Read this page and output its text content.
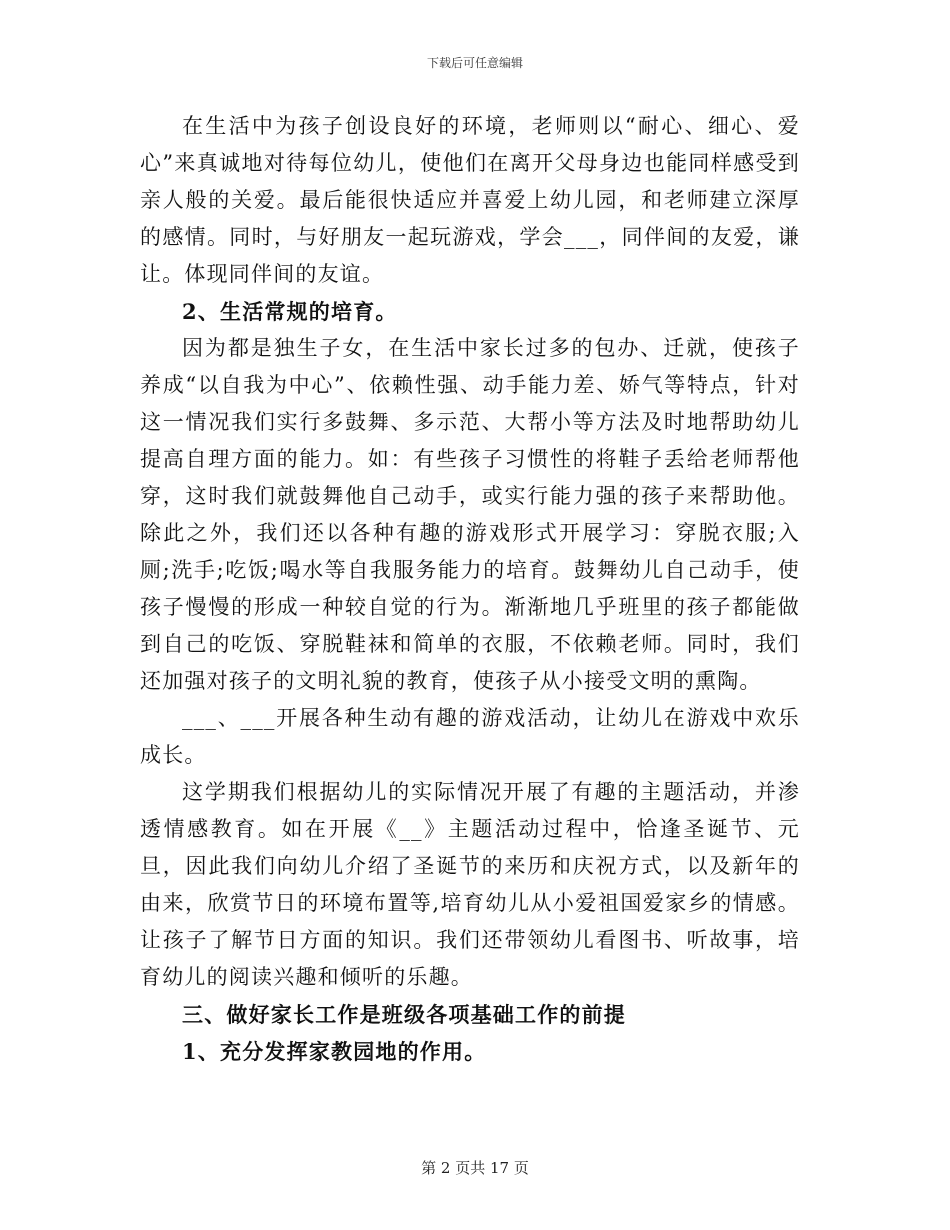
下载后可任意编辑

在生活中为孩子创设良好的环境，老师则以“耐心、细心、爱心”来真诚地对待每位幼儿，使他们在离开父母身边也能同样感受到亲人般的关爱。最后能很快适应并喜爱上幼儿园，和老师建立深厚的感情。同时，与好朋友一起玩游戏，学会___，同伴间的友爱，谦让。体现同伴间的友谊。

2、生活常规的培育。

因为都是独生子女，在生活中家长过多的包办、迁就，使孩子养成“以自我为中心”、依赖性强、动手能力差、娇气等特点，针对这一情况我们实行多鼓舞、多示范、大帮小等方法及时地帮助幼儿提高自理方面的能力。如：有些孩子习惯性的将鞋子丢给老师帮他穿，这时我们就鼓舞他自己动手，或实行能力强的孩子来帮助他。除此之外，我们还以各种有趣的游戏形式开展学习：穿脱衣服;入厕;洗手;吃饭;喝水等自我服务能力的培育。鼓舞幼儿自己动手，使孩子慢慢的形成一种较自觉的行为。渐渐地几乎班里的孩子都能做到自己的吃饭、穿脱鞋袜和简单的衣服，不依赖老师。同时，我们还加强对孩子的文明礼貌的教育，使孩子从小接受文明的熏陶。

___、___开展各种生动有趣的游戏活动，让幼儿在游戏中欢乐成长。

这学期我们根据幼儿的实际情况开展了有趣的主题活动，并渗透情感教育。如在开展《__》主题活动过程中，恰逢圣诞节、元旦，因此我们向幼儿介绍了圣诞节的来历和庆祝方式，以及新年的由来，欣赏节日的环境布置等,培育幼儿从小爱祖国爱家乡的情感。让孩子了解节日方面的知识。我们还带领幼儿看图书、听故事，培育幼儿的阅读兴趣和倾听的乐趣。

三、做好家长工作是班级各项基础工作的前提

1、充分发挥家教园地的作用。

第 2 页共 17 页
